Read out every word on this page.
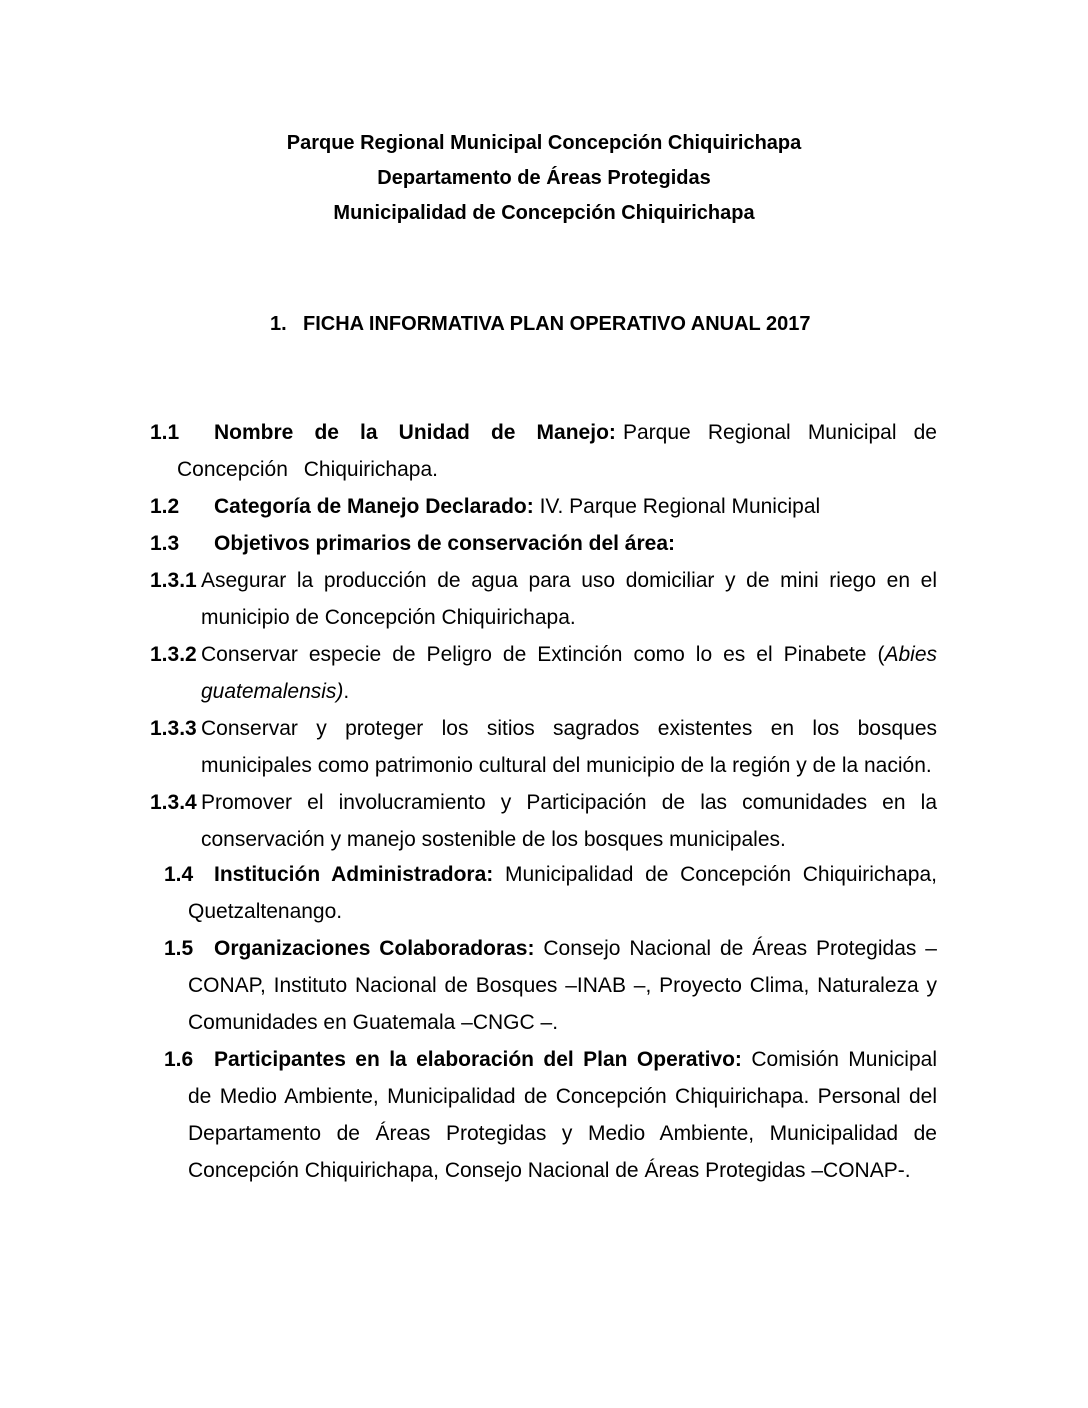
Parque Regional Municipal Concepción Chiquirichapa
Departamento de Áreas Protegidas
Municipalidad de Concepción Chiquirichapa
1. FICHA INFORMATIVA PLAN OPERATIVO ANUAL 2017
1.1	Nombre de la Unidad de Manejo: Parque Regional Municipal de Concepción Chiquirichapa.
1.2 Categoría de Manejo Declarado: IV. Parque Regional Municipal
1.3 Objetivos primarios de conservación del área:
1.3.1 Asegurar la producción de agua para uso domiciliar y de mini riego en el municipio de Concepción Chiquirichapa.
1.3.2 Conservar especie de Peligro de Extinción como lo es el Pinabete (Abies guatemalensis).
1.3.3 Conservar y proteger los sitios sagrados existentes en los bosques municipales como patrimonio cultural del municipio de la región y de la nación.
1.3.4 Promover el involucramiento y Participación de las comunidades en la conservación y manejo sostenible de los bosques municipales.
1.4 Institución Administradora: Municipalidad de Concepción Chiquirichapa, Quetzaltenango.
1.5 Organizaciones Colaboradoras: Consejo Nacional de Áreas Protegidas –CONAP, Instituto Nacional de Bosques –INAB –, Proyecto Clima, Naturaleza y Comunidades en Guatemala –CNGC –.
1.6 Participantes en la elaboración del Plan Operativo: Comisión Municipal de Medio Ambiente, Municipalidad de Concepción Chiquirichapa. Personal del Departamento de Áreas Protegidas y Medio Ambiente, Municipalidad de Concepción Chiquirichapa, Consejo Nacional de Áreas Protegidas –CONAP-.
